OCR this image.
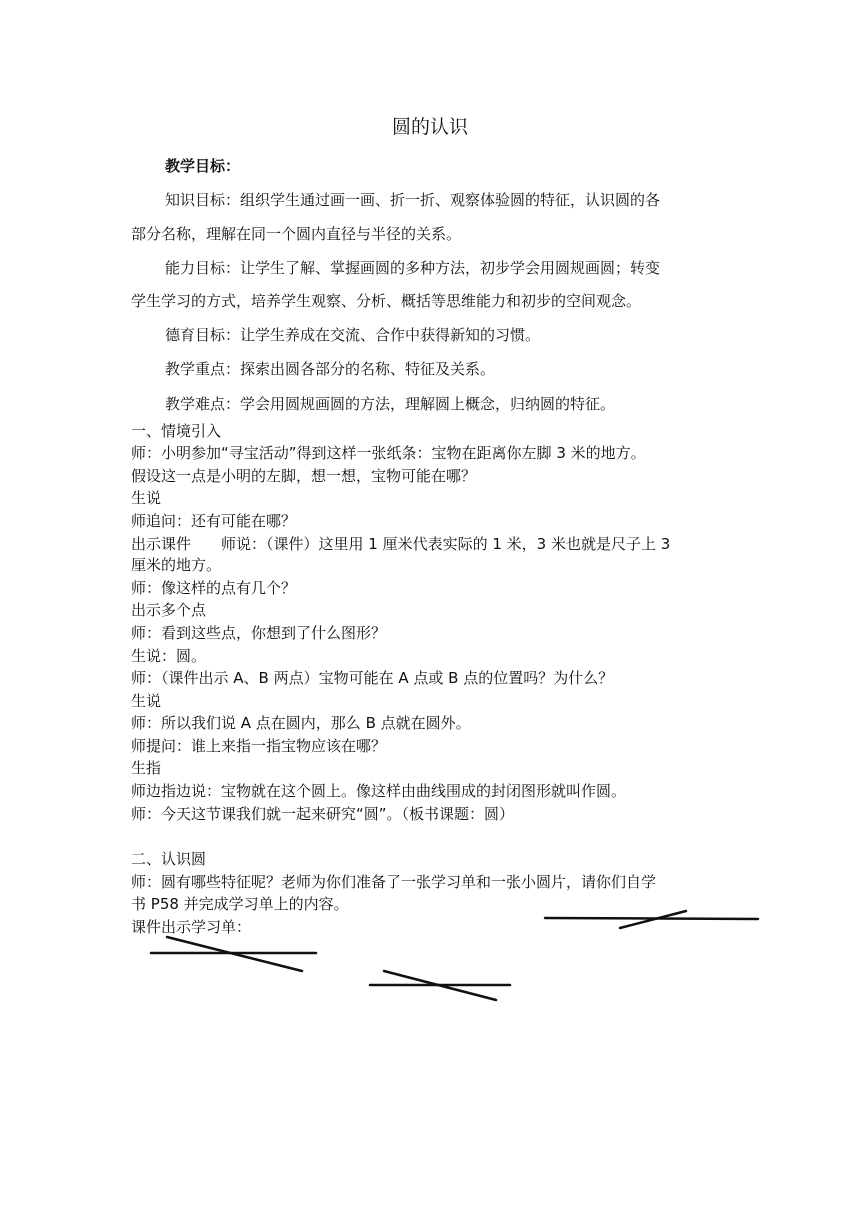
圆的认识
教学目标：
知识目标：组织学生通过画一画、折一折、观察体验圆的特征，认识圆的各
部分名称，理解在同一个圆内直径与半径的关系。
能力目标：让学生了解、掌握画圆的多种方法，初步学会用圆规画圆；转变
学生学习的方式，培养学生观察、分析、概括等思维能力和初步的空间观念。
德育目标：让学生养成在交流、合作中获得新知的习惯。
教学重点：探索出圆各部分的名称、特征及关系。
教学难点：学会用圆规画圆的方法，理解圆上概念，归纳圆的特征。
一、情境引入
师：小明参加“寻宝活动”得到这样一张纸条：宝物在距离你左脚 3 米的地方。
假设这一点是小明的左脚，想一想，宝物可能在哪？
生说
师追问：还有可能在哪？
出示课件　　师说：（课件）这里用 1 厘米代表实际的 1 米，3 米也就是尺子上 3
厘米的地方。
师：像这样的点有几个？
出示多个点
师：看到这些点，你想到了什么图形？
生说：圆。
师：（课件出示 A、B 两点）宝物可能在 A 点或 B 点的位置吗？为什么？
生说
师：所以我们说 A 点在圆内，那么 B 点就在圆外。
师提问：谁上来指一指宝物应该在哪？
生指
师边指边说：宝物就在这个圆上。像这样由曲线围成的封闭图形就叫作圆。
师：今天这节课我们就一起来研究“圆”。（板书课题：圆）
二、认识圆
师：圆有哪些特征呢？老师为你们准备了一张学习单和一张小圆片，请你们自学
书 P58 并完成学习单上的内容。
课件出示学习单：
